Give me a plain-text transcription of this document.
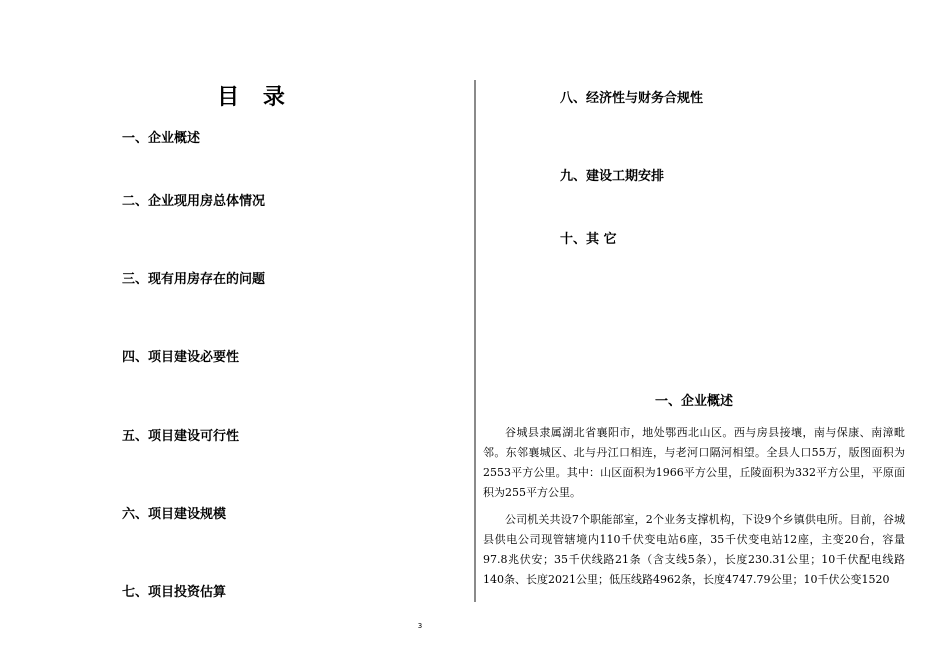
目 录

一、企业概述

二、企业现用房总体情况

三、现有用房存在的问题

四、项目建设必要性

五、项目建设可行性

六、项目建设规模

七、项目投资估算

八、经济性与财务合规性

九、建设工期安排

十、其 它

一、企业概述

谷城县隶属湖北省襄阳市，地处鄂西北山区。西与房县接壤，南与保康、南漳毗邻。东邻襄城区、北与丹江口相连，与老河口隔河相望。全县人口55万，版图面积为2553平方公里。其中：山区面积为1966平方公里，丘陵面积为332平方公里，平原面积为255平方公里。

公司机关共设7个职能部室，2个业务支撑机构，下设9个乡镇供电所。目前，谷城县供电公司现管辖境内110千伏变电站6座，35千伏变电站12座，主变20台，容量97.8兆伏安；35千伏线路21条（含支线5条），长度230.31公里；10千伏配电线路140条、长度2021公里；低压线路4962条，长度4747.79公里；10千伏公变1520

3
